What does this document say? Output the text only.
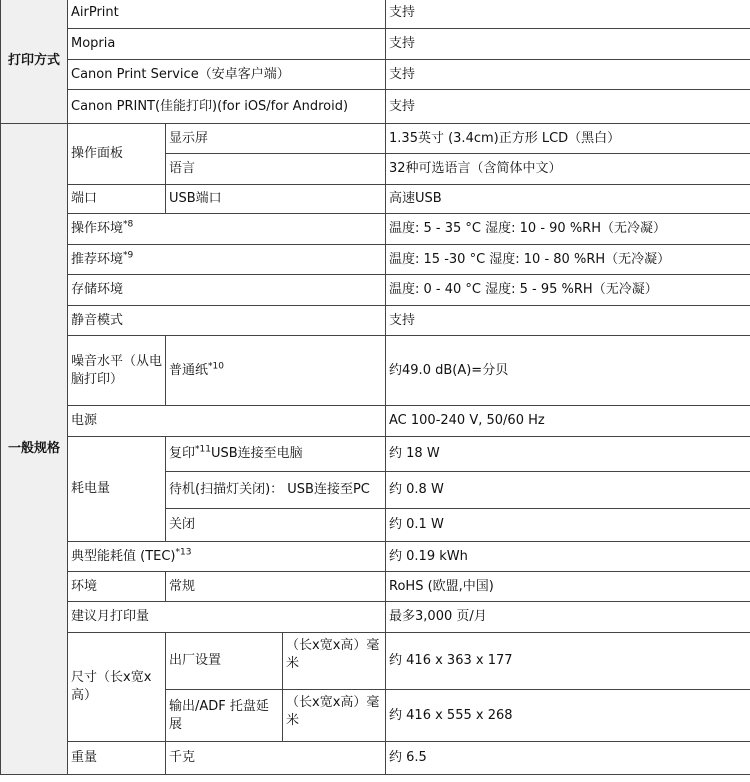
打印方式	AirPrint			支持
	Mopria			支持
	Canon Print Service（安卓客户端）			支持
	Canon PRINT(佳能打印)(for iOS/for Android)			支持
一般规格	操作面板	显示屏		1.35英寸 (3.4cm)正方形 LCD（黑白）
		语言		32种可选语言（含简体中文）
	端口	USB端口		高速USB
	操作环境$^{*8}$			温度: 5 - 35 °C 湿度: 10 - 90 %RH（无冷凝）
	推荐环境$^{*9}$			温度: 15 -30 °C 湿度: 10 - 80 %RH（无冷凝）
	存储环境			温度: 0 - 40 °C 湿度: 5 - 95 %RH（无冷凝）
	静音模式			支持
	噪音水平（从电脑打印）	普通纸$^{*10}$		约49.0 dB(A)=分贝
	电源			AC 100-240 V, 50/60 Hz
	耗电量	复印$^{*11}$USB连接至电脑		约 18 W
		待机(扫描灯关闭)： USB连接至PC		约 0.8 W
		关闭		约 0.1 W
	典型能耗值 (TEC)$^{*13}$			约 0.19 kWh
	环境	常规		RoHS (欧盟,中国)
	建议月打印量			最多3,000 页/月
	尺寸（长x宽x高）	出厂设置	（长x宽x高）毫米	约 416 x 363 x 177
		输出/ADF 托盘延展	（长x宽x高）毫米	约 416 x 555 x 268
	重量	千克		约 6.5
